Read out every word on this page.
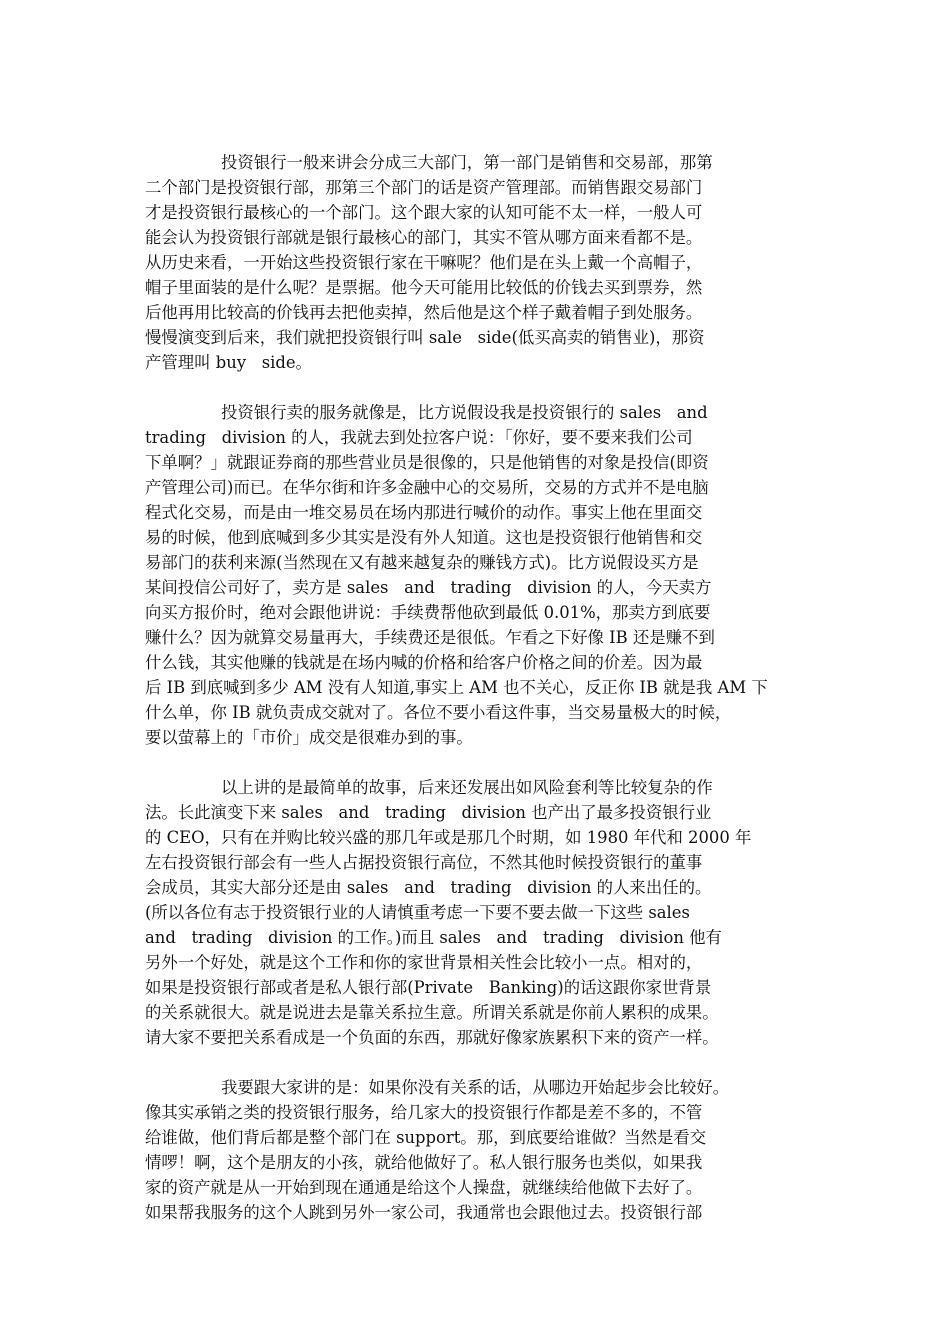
投资银行一般来讲会分成三大部门，第一部门是销售和交易部，那第
二个部门是投资银行部，那第三个部门的话是资产管理部。而销售跟交易部门
才是投资银行最核心的一个部门。这个跟大家的认知可能不太一样，一般人可
能会认为投资银行部就是银行最核心的部门，其实不管从哪方面来看都不是。
从历史来看，一开始这些投资银行家在干嘛呢？他们是在头上戴一个高帽子，
帽子里面装的是什么呢？是票据。他今天可能用比较低的价钱去买到票券，然
后他再用比较高的价钱再去把他卖掉，然后他是这个样子戴着帽子到处服务。
慢慢演变到后来，我们就把投资银行叫 sale   side(低买高卖的销售业)，那资
产管理叫 buy   side。

投资银行卖的服务就像是，比方说假设我是投资银行的 sales   and
trading   division 的人，我就去到处拉客户说：「你好，要不要来我们公司
下单啊？」就跟证券商的那些营业员是很像的，只是他销售的对象是投信(即资
产管理公司)而已。在华尔街和许多金融中心的交易所，交易的方式并不是电脑
程式化交易，而是由一堆交易员在场内那进行喊价的动作。事实上他在里面交
易的时候，他到底喊到多少其实是没有外人知道。这也是投资银行他销售和交
易部门的获利来源(当然现在又有越来越复杂的赚钱方式)。比方说假设买方是
某间投信公司好了，卖方是 sales   and   trading   division 的人，今天卖方
向买方报价时，绝对会跟他讲说：手续费帮他砍到最低 0.01%，那卖方到底要
赚什么？因为就算交易量再大，手续费还是很低。乍看之下好像 IB 还是赚不到
什么钱，其实他赚的钱就是在场内喊的价格和给客户价格之间的价差。因为最
后 IB 到底喊到多少 AM 没有人知道,事实上 AM 也不关心，反正你 IB 就是我 AM 下
什么单，你 IB 就负责成交就对了。各位不要小看这件事，当交易量极大的时候，
要以萤幕上的「市价」成交是很难办到的事。

以上讲的是最简单的故事，后来还发展出如风险套利等比较复杂的作
法。长此演变下来 sales   and   trading   division 也产出了最多投资银行业
的 CEO，只有在并购比较兴盛的那几年或是那几个时期，如 1980 年代和 2000 年
左右投资银行部会有一些人占据投资银行高位，不然其他时候投资银行的董事
会成员，其实大部分还是由 sales   and   trading   division 的人来出任的。
(所以各位有志于投资银行业的人请慎重考虑一下要不要去做一下这些 sales
and   trading   division 的工作。)而且 sales   and   trading   division 他有
另外一个好处，就是这个工作和你的家世背景相关性会比较小一点。相对的，
如果是投资银行部或者是私人银行部(Private   Banking)的话这跟你家世背景
的关系就很大。就是说进去是靠关系拉生意。所谓关系就是你前人累积的成果。
请大家不要把关系看成是一个负面的东西，那就好像家族累积下来的资产一样。

我要跟大家讲的是：如果你没有关系的话，从哪边开始起步会比较好。
像其实承销之类的投资银行服务，给几家大的投资银行作都是差不多的，不管
给谁做，他们背后都是整个部门在 support。那，到底要给谁做？当然是看交
情啰！啊，这个是朋友的小孩，就给他做好了。私人银行服务也类似，如果我
家的资产就是从一开始到现在通通是给这个人操盘，就继续给他做下去好了。
如果帮我服务的这个人跳到另外一家公司，我通常也会跟他过去。投资银行部
